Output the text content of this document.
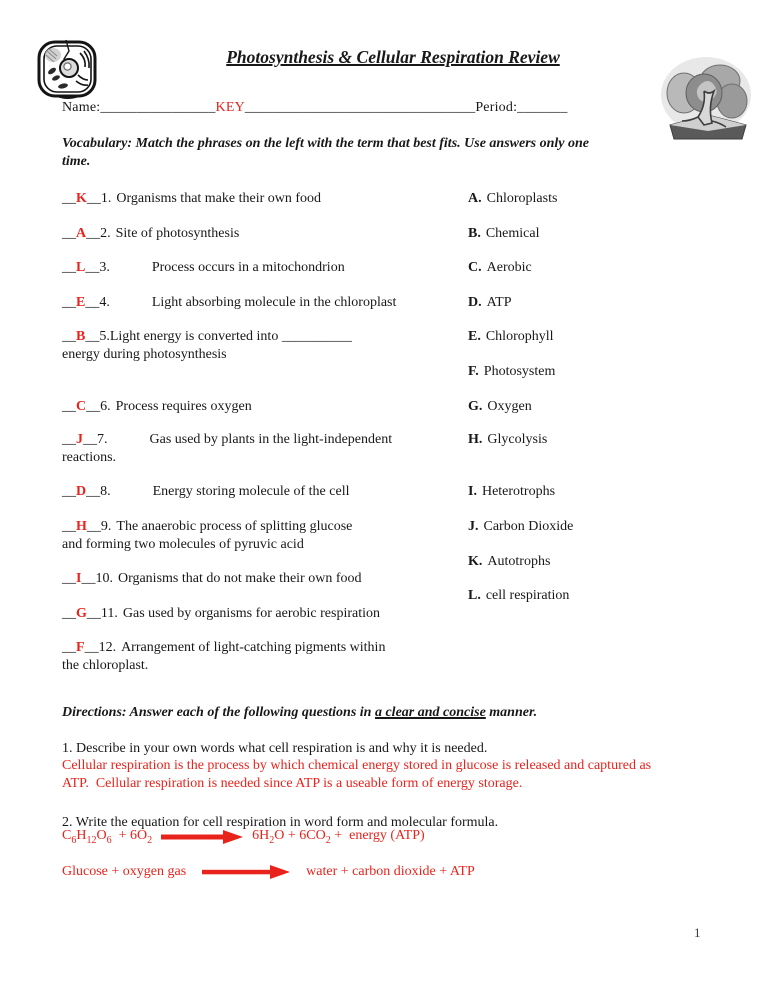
Photosynthesis & Cellular Respiration Review
Name:________________KEY________________________________Period:_______
Vocabulary: Match the phrases on the left with the term that best fits. Use answers only one
time.
__K__1. Organisms that make their own food
__A__2. Site of photosynthesis
__L__3.	Process occurs in a mitochondrion
__E__4.	Light absorbing molecule in the chloroplast
__B__5.Light energy is converted into __________
energy during photosynthesis
__C__6. Process requires oxygen
__J__7.	Gas used by plants in the light-independent
reactions.
__D__8.	Energy storing molecule of the cell
__H__9. The anaerobic process of splitting glucose
and forming two molecules of pyruvic acid
__I__10. Organisms that do not make their own food
__G__11. Gas used by organisms for aerobic respiration
__F__12. Arrangement of light-catching pigments within
the chloroplast.
A. Chloroplasts
B. Chemical
C. Aerobic
D. ATP
E. Chlorophyll
F. Photosystem
G. Oxygen
H. Glycolysis
I. Heterotrophs
J. Carbon Dioxide
K. Autotrophs
L. cell respiration
Directions: Answer each of the following questions in a clear and concise manner.
1. Describe in your own words what cell respiration is and why it is needed.
Cellular respiration is the process by which chemical energy stored in glucose is released and captured as
ATP.  Cellular respiration is needed since ATP is a useable form of energy storage.
2. Write the equation for cell respiration in word form and molecular formula.
$C_6H_{12}O_6 + 6O_2$	$6H_2O + 6CO_2$ +  energy (ATP)
Glucose + oxygen gas	water + carbon dioxide + ATP
1
